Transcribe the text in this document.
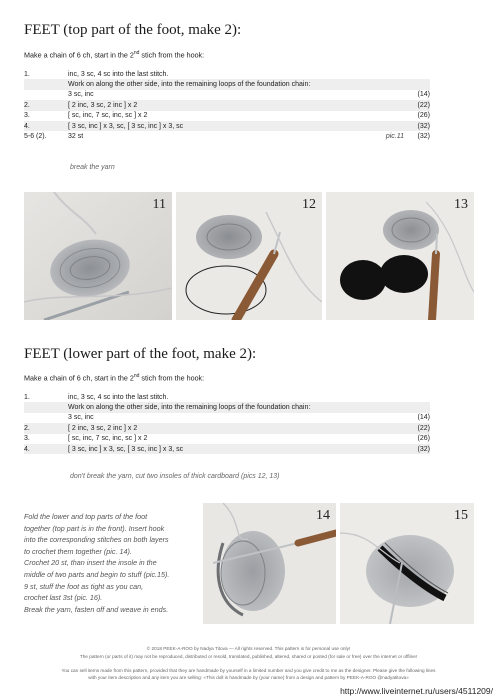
FEET (top part of the foot, make 2):
Make a chain of 6 ch, start in the 2nd stich from the hook:
1.	inc, 3 sc, 4 sc into the last stitch.		
	Work on along the other side, into the remaining loops of the foundation chain:		
	3 sc, inc		(14)
2.	[ 2 inc, 3 sc, 2 inc ] x 2		(22)
3.	[ sc, inc, 7 sc, inc, sc ] x 2		(26)
4.	[ 3 sc, inc ] x 3, sc, [ 3 sc, inc ] x 3, sc		(32)
5-6 (2).	32 st	pic.11	(32)
break the yarn
11	12	13
FEET (lower part of the foot, make 2):
Make a chain of 6 ch, start in the 2nd stich from the hook:
1.	inc, 3 sc, 4 sc into the last stitch.		
	Work on along the other side, into the remaining loops of the foundation chain:		
	3 sc, inc		(14)
2.	[ 2 inc, 3 sc, 2 inc ] x 2		(22)
3.	[ sc, inc, 7 sc, inc, sc ] x 2		(26)
4.	[ 3 sc, inc ] x 3, sc, [ 3 sc, inc ] x 3, sc		(32)
don't break the yarn, cut two insoles of thick cardboard (pics 12, 13)
Fold the lower and top parts of the foot
together (top part is in the front). Insert hook
into the corresponding stitches on both layers
to crochet them together (pic. 14).
Crochet 20 st, than insert the insole in the
middle of two parts and begin to stuff (pic.15).
9 st, stuff the foot as tight as you can,
crochet last 3st (pic. 16).
Break the yarn, fasten off and weave in ends.
14	15
© 2018 PEEK-A-ROO by Nadya Titova — All rights reserved. This pattern is for personal use only!
The pattern (or parts of it) may not be reproduced, distributed or resold, translated, published, altered, shared or posted (for sale or free) over the internet or offline!
You can sell items made from this pattern, provided that they are handmade by yourself in a limited number and you give credit to me as the designer. Please give the following lines
with your item description and any item you are selling: «This doll is handmade by (your name) from a design and pattern by PEEK-A-ROO @nadyatitova»
http://www.liveinternet.ru/users/4511209/
